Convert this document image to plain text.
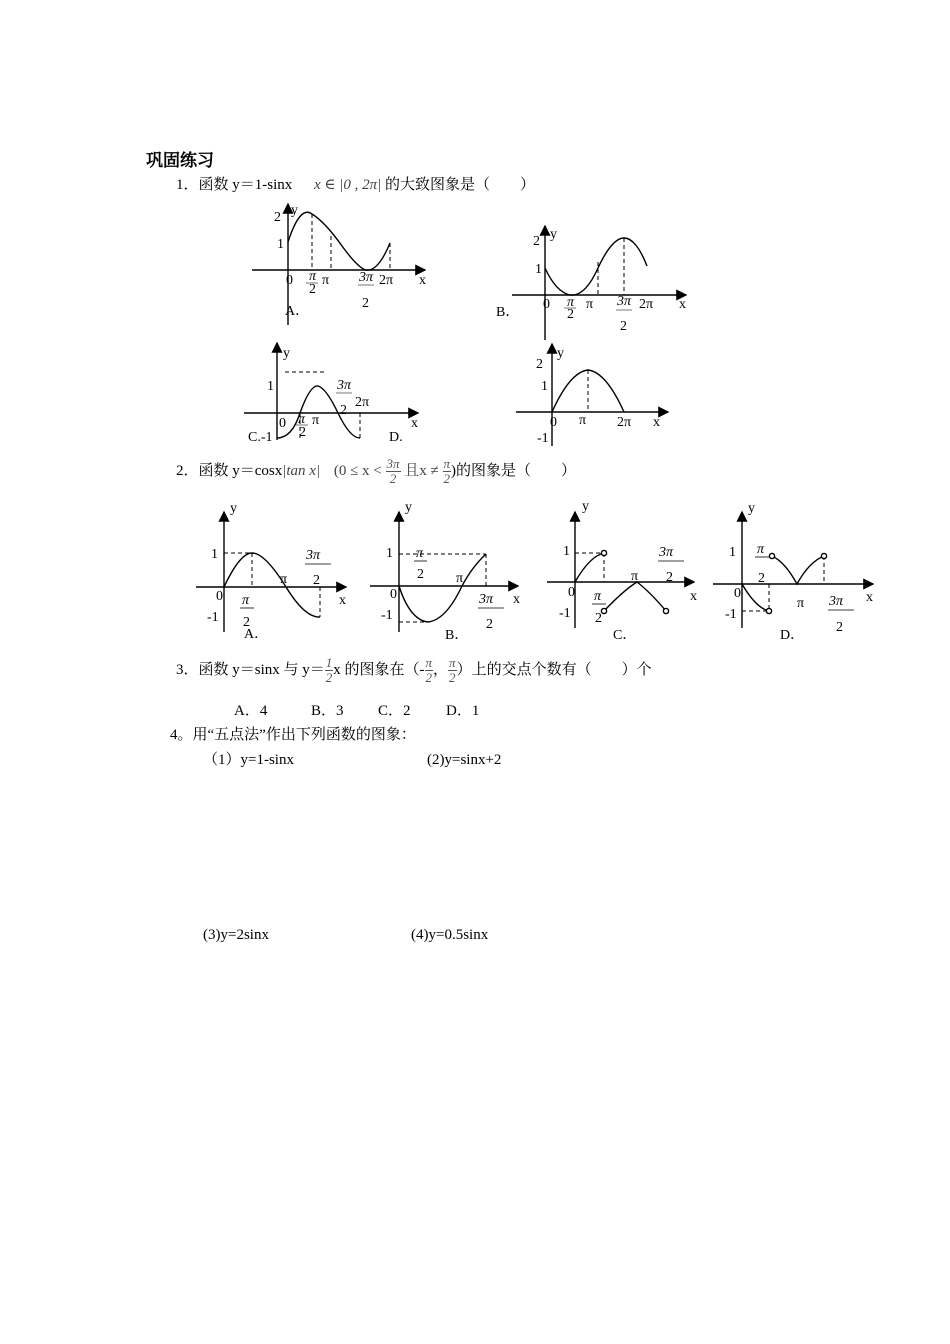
巩固练习
1．函数 y＝1-sinx x ∈ |0 , 2π| 的大致图象是（　　）
2．函数 y＝cosx|tan x| ($0 \le x < \frac{3\pi}{2}$ 且$x \ne \frac{\pi}{2}$ )的图象是（　　）
3．函数 y＝sinx 与 $y= \frac{1}{2}$ x 的图象在（- $\frac{\pi}{2}$ ， $\frac{\pi}{2}$ ）上的交点个数有（　　）个
A．4	B．3 C．2 D．1
4。用“五点法”作出下列函数的图象：
（1）y=1-sinx	(2)y=sinx+2
(3)y=2sinx	(4)y=0.5sinx
y
2
1
0 π
2
π 3π
2
2π x
A．
y
2
1
0 π
2
π 3π
2
2π x
B．
y
1
0 π
2
π
3π
2
2π
x
C.-1	D.
y
2
1
0 π 2π x
-1
y
1
0
-1
π
2
π
3π
2
x
A．
y
1
0
-1
π
2 π
3π
2
x
B．
y
1
0
-1
π
2
π
3π
2
x
C．
y
1
0
-1
π
2
π 3π
2
x
D．
